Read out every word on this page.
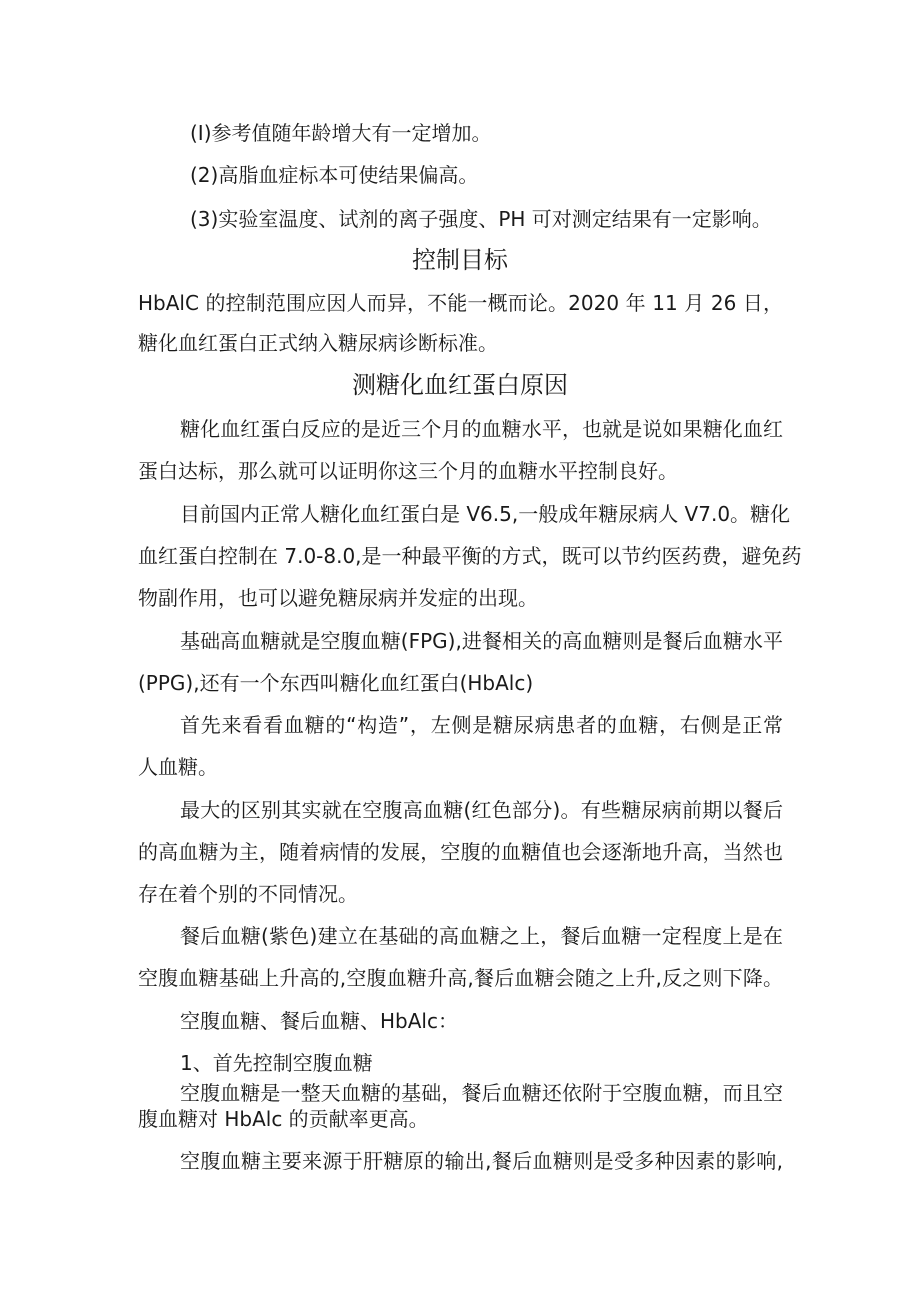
(I)参考值随年龄增大有一定增加。
(2)高脂血症标本可使结果偏高。
(3)实验室温度、试剂的离子强度、PH 可对测定结果有一定影响。
控制目标
HbAlC 的控制范围应因人而异，不能一概而论。2020 年 11 月 26 日，
糖化血红蛋白正式纳入糖尿病诊断标准。
测糖化血红蛋白原因
糖化血红蛋白反应的是近三个月的血糖水平，也就是说如果糖化血红
蛋白达标，那么就可以证明你这三个月的血糖水平控制良好。
目前国内正常人糖化血红蛋白是 V6.5,一般成年糖尿病人 V7.0。糖化
血红蛋白控制在 7.0-8.0,是一种最平衡的方式，既可以节约医药费，避免药
物副作用，也可以避免糖尿病并发症的出现。
基础高血糖就是空腹血糖(FPG),进餐相关的高血糖则是餐后血糖水平
(PPG),还有一个东西叫糖化血红蛋白(HbAlc)
首先来看看血糖的“构造”，左侧是糖尿病患者的血糖，右侧是正常
人血糖。
最大的区别其实就在空腹高血糖(红色部分)。有些糖尿病前期以餐后
的高血糖为主，随着病情的发展，空腹的血糖值也会逐渐地升高，当然也
存在着个别的不同情况。
餐后血糖(紫色)建立在基础的高血糖之上，餐后血糖一定程度上是在
空腹血糖基础上升高的,空腹血糖升高,餐后血糖会随之上升,反之则下降。
空腹血糖、餐后血糖、HbAlc：
1、首先控制空腹血糖
空腹血糖是一整天血糖的基础，餐后血糖还依附于空腹血糖，而且空
腹血糖对 HbAlc 的贡献率更高。
空腹血糖主要来源于肝糖原的输出,餐后血糖则是受多种因素的影响,
